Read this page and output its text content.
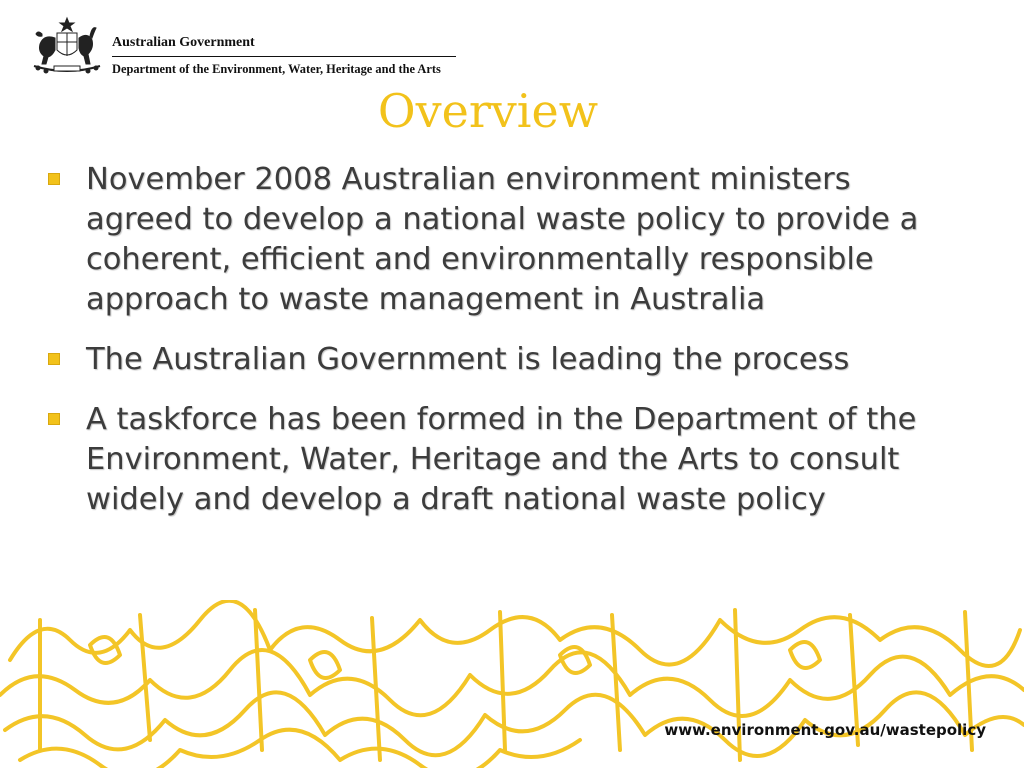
Australian Government
Department of the Environment, Water, Heritage and the Arts
Overview
November 2008 Australian environment ministers agreed to develop a national waste policy to provide a coherent, efficient and environmentally responsible approach to waste management in Australia
The Australian Government is leading the process
A taskforce has been formed in the Department of the Environment, Water, Heritage and the Arts to consult widely and develop a draft national waste policy
www.environment.gov.au/wastepolicy
